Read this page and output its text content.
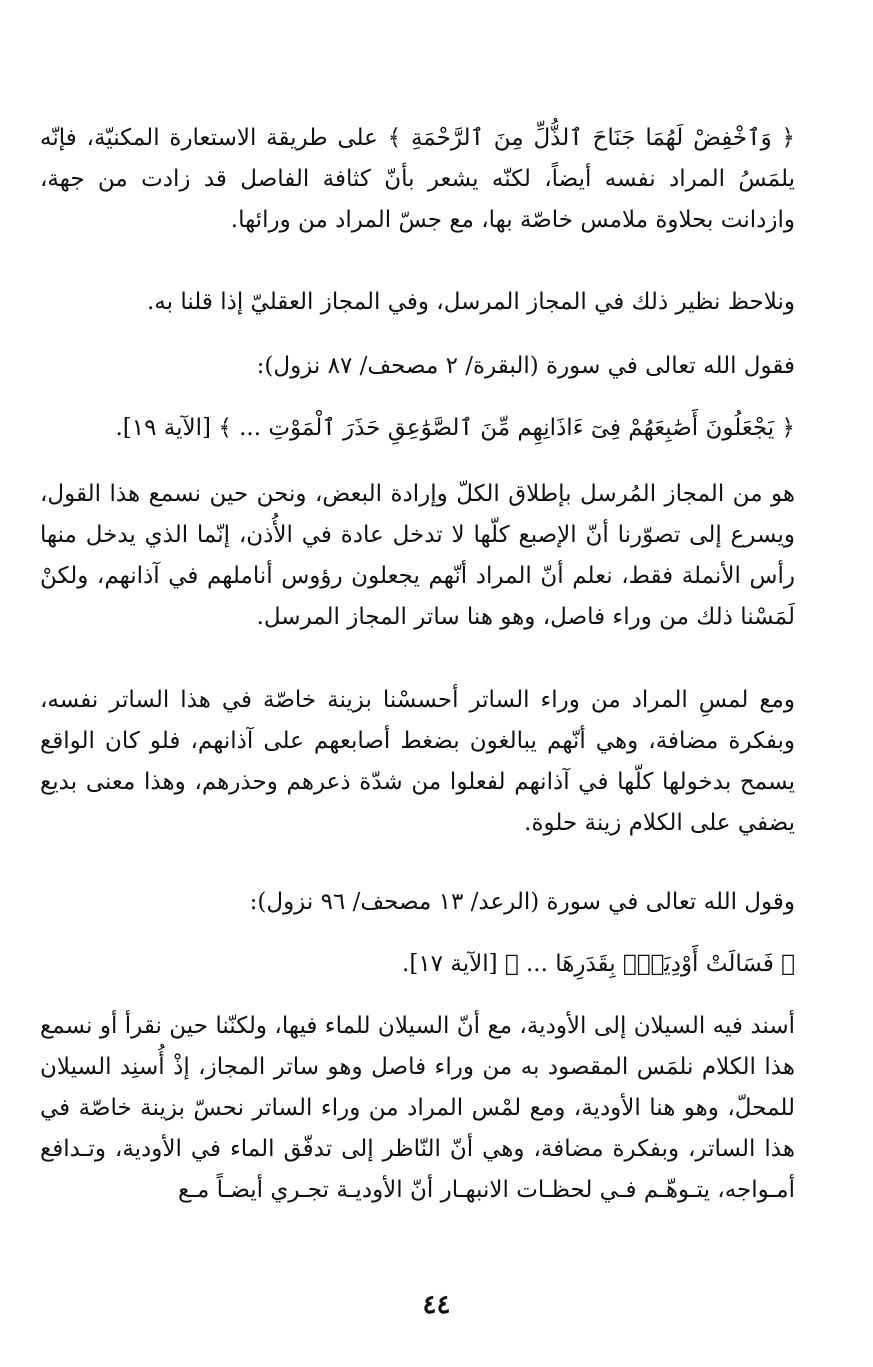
﴿ وَٱخْفِضْ لَهُمَا جَنَاحَ ٱلذُّلِّ مِنَ ٱلرَّحْمَةِ ﴾ على طريقة الاستعارة المكنيّة، فإنّه يلمَسُ المراد نفسه أيضاً، لكنّه يشعر بأنّ كثافة الفاصل قد زادت من جهة، وازدانت بحلاوة ملامس خاصّة بها، مع جسّ المراد من ورائها.

ونلاحظ نظير ذلك في المجاز المرسل، وفي المجاز العقليّ إذا قلنا به.

فقول الله تعالى في سورة (البقرة/ ٢ مصحف/ ٨٧ نزول):

﴿ يَجْعَلُونَ أَصَٰبِعَهُمْ فِىٓ ءَاذَانِهِم مِّنَ ٱلصَّوَٰعِقِ حَذَرَ ٱلْمَوْتِ ... ﴾ [الآية ١٩].

هو من المجاز المُرسل بإطلاق الكلّ وإرادة البعض، ونحن حين نسمع هذا القول، ويسرع إلى تصوّرنا أنّ الإصبع كلّها لا تدخل عادة في الأُذن، إنّما الذي يدخل منها رأس الأنملة فقط، نعلم أنّ المراد أنّهم يجعلون رؤوس أناملهم في آذانهم، ولكنْ لَمَسْنا ذلك من وراء فاصل، وهو هنا ساتر المجاز المرسل.

ومع لمسِ المراد من وراء الساتر أحسسْنا بزينة خاصّة في هذا الساتر نفسه، وبفكرة مضافة، وهي أنّهم يبالغون بضغط أصابعهم على آذانهم، فلو كان الواقع يسمح بدخولها كلّها في آذانهم لفعلوا من شدّة ذعرهم وحذرهم، وهذا معنى بديع يضفي على الكلام زينة حلوة.

وقول الله تعالى في سورة (الرعد/ ١٣ مصحف/ ٩٦ نزول):

﴿ فَسَالَتْ أَوْدِيَةٌۢ بِقَدَرِهَا ... ﴾ [الآية ١٧].

أسند فيه السيلان إلى الأودية، مع أنّ السيلان للماء فيها، ولكنّنا حين نقرأ أو نسمع هذا الكلام نلمَس المقصود به من وراء فاصل وهو ساتر المجاز، إذْ أُسنِد السيلان للمحلّ، وهو هنا الأودية، ومع لمْس المراد من وراء الساتر نحسّ بزينة خاصّة في هذا الساتر، وبفكرة مضافة، وهي أنّ النّاظر إلى تدفّق الماء في الأودية، وتـدافع أمـواجه، يتـوهّـم فـي لحظـات الانبهـار أنّ الأوديـة تجـري أيضـاً مـع

٤٤
